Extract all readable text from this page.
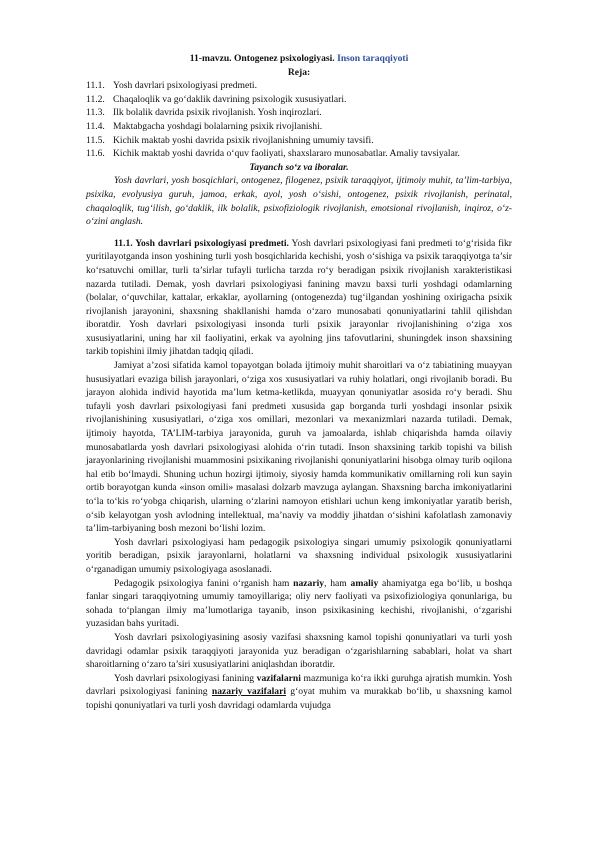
11-mavzu. Ontogenez psixologiyasi. Inson taraqqiyoti
Reja:
11.1. Yosh davrlari psixologiyasi predmeti.
11.2. Chaqaloqlik va go‘daklik davrining psixologik xususiyatlari.
11.3. Ilk bolalik davrida psixik rivojlanish. Yosh inqirozlari.
11.4. Maktabgacha yoshdagi bolalarning psixik rivojlanishi.
11.5. Kichik maktab yoshi davrida psixik rivojlanishning umumiy tavsifi.
11.6. Kichik maktab yoshi davrida o‘quv faoliyati, shaxslararo munosabatlar. Amaliy tavsiyalar.
Tayanch so‘z va iboralar.

Yosh davrlari, yosh bosqichlari, ontogenez, filogenez, psixik taraqqiyot, ijtimoiy muhit, ta’lim-tarbiya, psixika, evolyusiya guruh, jamoa, erkak, ayol, yosh o‘sishi, ontogenez, psixik rivojlanish, perinatal, chaqaloqlik, tug‘ilish, go‘daklik, ilk bolalik, psixofiziologik rivojlanish, emotsional rivojlanish, inqiroz, o‘z-o‘zini anglash.

11.1. Yosh davrlari psixologiyasi predmeti. Yosh davrlari psixologiyasi fani predmeti to‘g‘risida fikr yuritilayotganda inson yoshining turli yosh bosqichlarida kechishi, yosh o‘sishiga va psixik taraqqiyotga ta’sir ko‘rsatuvchi omillar, turli ta’sirlar tufayli turlicha tarzda ro‘y beradigan psixik rivojlanish xarakteristikasi nazarda tutiladi. Demak, yosh davrlari psixologiyasi fanining mavzu baxsi turli yoshdagi odamlarning (bolalar, o‘quvchilar, kattalar, erkaklar, ayollarning (ontogenezda) tug‘ilgandan yoshining oxirigacha psixik rivojlanish jarayonini, shaxsning shakllanishi hamda o‘zaro munosabati qonuniyatlarini tahlil qilishdan iboratdir. Yosh davrlari psixologiyasi insonda turli psixik jarayonlar rivojlanishining o‘ziga xos xususiyatlarini, uning har xil faoliyatini, erkak va ayolning jins tafovutlarini, shuningdek inson shaxsining tarkib topishini ilmiy jihatdan tadqiq qiladi.

Jamiyat a’zosi sifatida kamol topayotgan bolada ijtimoiy muhit sharoitlari va o‘z tabiatining muayyan hususiyatlari evaziga bilish jarayonlari, o‘ziga xos xususiyatlari va ruhiy holatlari, ongi rivojlanib boradi. Bu jarayon alohida individ hayotida ma’lum ketma-ketlikda, muayyan qonuniyatlar asosida ro‘y beradi. Shu tufayli yosh davrlari psixologiyasi fani predmeti xususida gap borganda turli yoshdagi insonlar psixik rivojlanishining xususiyatlari, o‘ziga xos omillari, mezonlari va mexanizmlari nazarda tutiladi. Demak, ijtimoiy hayotda, TA’LIM-tarbiya jarayonida, guruh va jamoalarda, ishlab chiqarishda hamda oilaviy munosabatlarda yosh davrlari psixologiyasi alohida o‘rin tutadi. Inson shaxsining tarkib topishi va bilish jarayonlarining rivojlanishi muammosini psixikaning rivojlanishi qonuniyatlarini hisobga olmay turib oqilona hal etib bo‘lmaydi. Shuning uchun hozirgi ijtimoiy, siyosiy hamda kommunikativ omillarning roli kun sayin ortib borayotgan kunda «inson omili» masalasi dolzarb mavzuga aylangan. Shaxsning barcha imkoniyatlarini to‘la to‘kis ro‘yobga chiqarish, ularning o‘zlarini namoyon etishlari uchun keng imkoniyatlar yaratib berish, o‘sib kelayotgan yosh avlodning intellektual, ma’naviy va moddiy jihatdan o‘sishini kafolatlash zamonaviy ta’lim-tarbiyaning bosh mezoni bo‘lishi lozim.

Yosh davrlari psixologiyasi ham pedagogik psixologiya singari umumiy psixologik qonuniyatlarni yoritib beradigan, psixik jarayonlarni, holatlarni va shaxsning individual psixologik xususiyatlarini o‘rganadigan umumiy psixologiyaga asoslanadi.

Pedagogik psixologiya fanini o‘rganish ham nazariy, ham amaliy ahamiyatga ega bo‘lib, u boshqa fanlar singari taraqqiyotning umumiy tamoyillariga; oliy nerv faoliyati va psixofiziologiya qonunlariga, bu sohada to‘plangan ilmiy ma’lumotlariga tayanib, inson psixikasining kechishi, rivojlanishi, o‘zgarishi yuzasidan bahs yuritadi.

Yosh davrlari psixologiyasining asosiy vazifasi shaxsning kamol topishi qonuniyatlari va turli yosh davridagi odamlar psixik taraqqiyoti jarayonida yuz beradigan o‘zgarishlarning sabablari, holat va shart sharoitlarning o‘zaro ta’siri xususiyatlarini aniqlashdan iboratdir.

Yosh davrlari psixologiyasi fanining vazifalarni mazmuniga ko‘ra ikki guruhga ajratish mumkin. Yosh davrlari psixologiyasi fanining nazariy vazifalari g‘oyat muhim va murakkab bo‘lib, u shaxsning kamol topishi qonuniyatlari va turli yosh davridagi odamlarda vujudga
